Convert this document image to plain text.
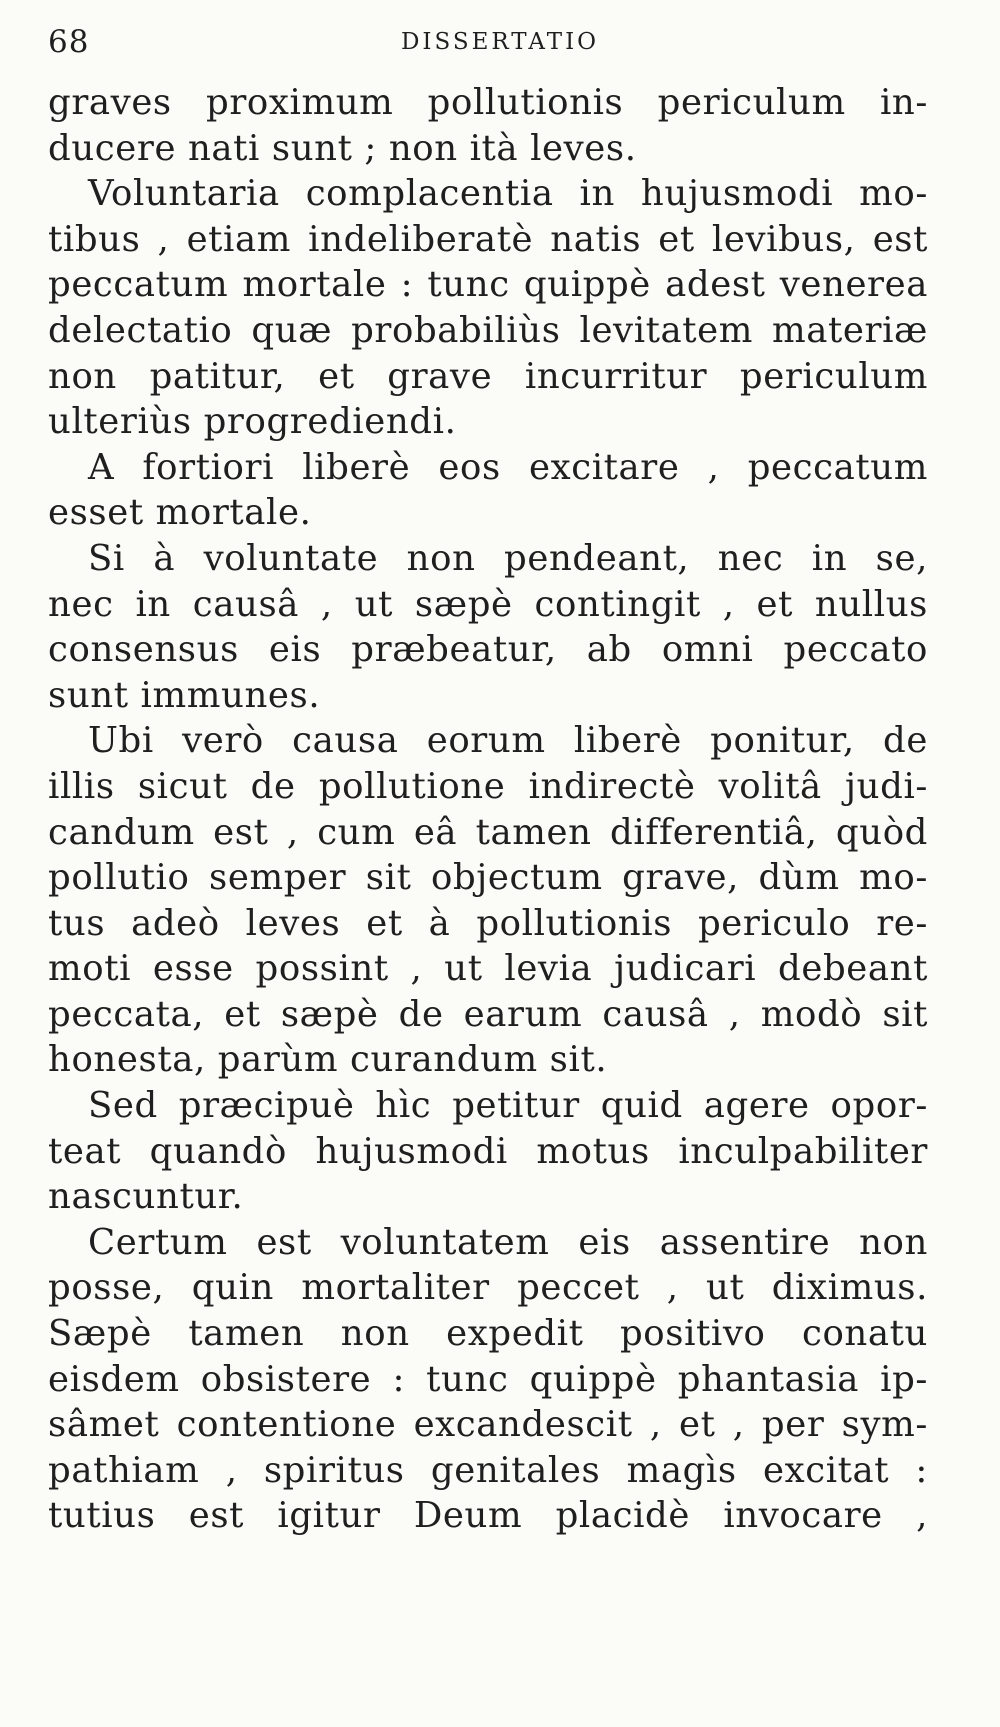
68	DISSERTATIO
graves proximum pollutionis periculum in-
ducere nati sunt ; non ità leves.
Voluntaria complacentia in hujusmodi mo-
tibus , etiam indeliberatè natis et levibus, est
peccatum mortale : tunc quippè adest venerea
delectatio quæ probabiliùs levitatem materiæ
non patitur, et grave incurritur periculum
ulteriùs progrediendi.
A fortiori liberè eos excitare , peccatum
esset mortale.
Si à voluntate non pendeant, nec in se,
nec in causâ , ut sæpè contingit , et nullus
consensus eis præbeatur, ab omni peccato
sunt immunes.
Ubi verò causa eorum liberè ponitur, de
illis sicut de pollutione indirectè volitâ judi-
candum est , cum eâ tamen differentiâ, quòd
pollutio semper sit objectum grave, dùm mo-
tus adeò leves et à pollutionis periculo re-
moti esse possint , ut levia judicari debeant
peccata, et sæpè de earum causâ , modò sit
honesta, parùm curandum sit.
Sed præcipuè hìc petitur quid agere opor-
teat quandò hujusmodi motus inculpabiliter
nascuntur.
Certum est voluntatem eis assentire non
posse, quin mortaliter peccet , ut diximus.
Sæpè tamen non expedit positivo conatu
eisdem obsistere : tunc quippè phantasia ip-
sâmet contentione excandescit , et , per sym-
pathiam , spiritus genitales magìs excitat :
tutius est igitur Deum placidè invocare ,
